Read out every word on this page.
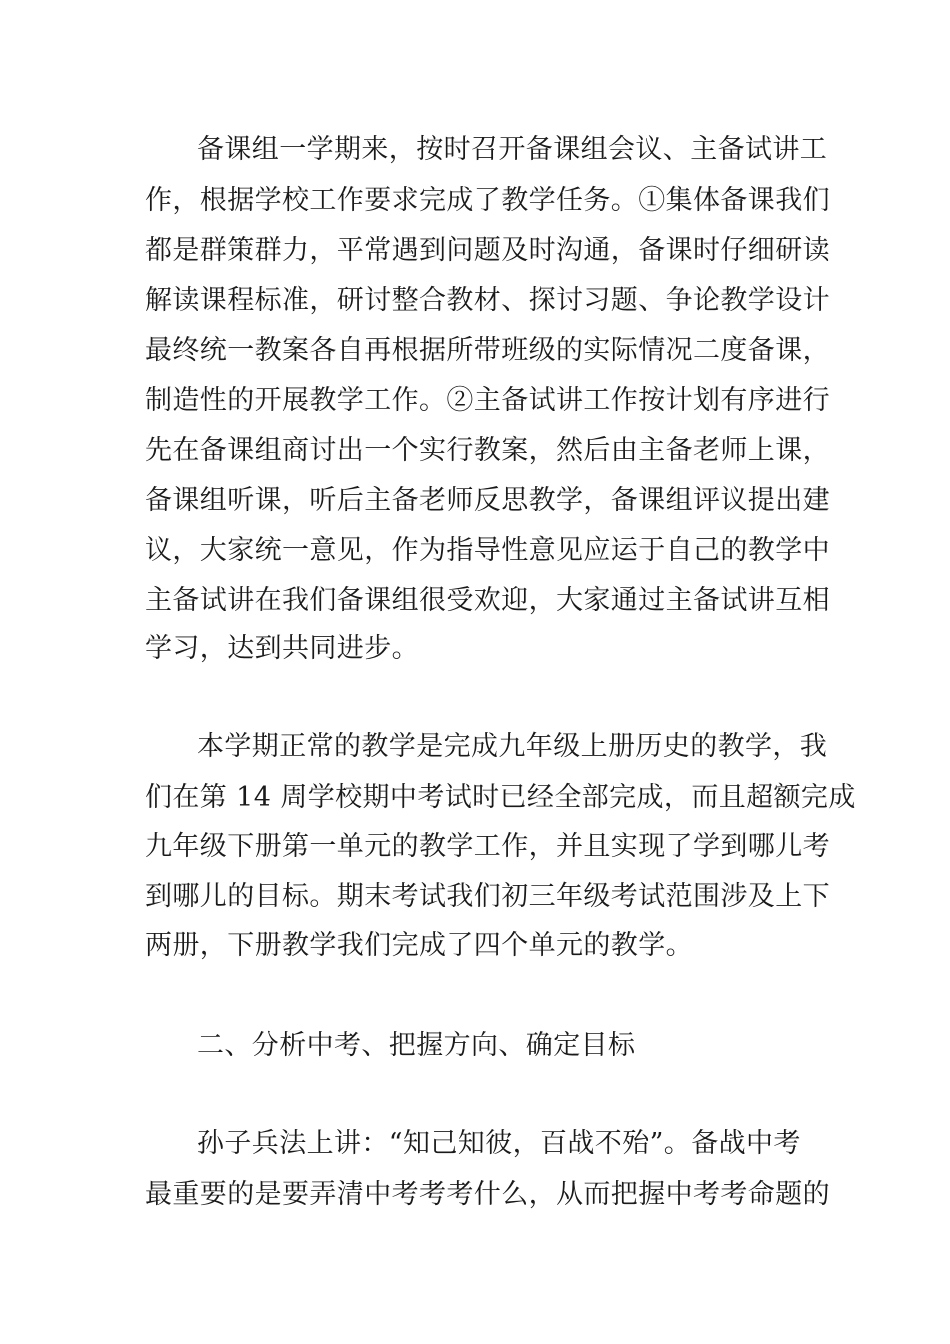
备课组一学期来，按时召开备课组会议、主备试讲工
作，根据学校工作要求完成了教学任务。①集体备课我们
都是群策群力，平常遇到问题及时沟通，备课时仔细研读
解读课程标准，研讨整合教材、探讨习题、争论教学设计
最终统一教案各自再根据所带班级的实际情况二度备课，
制造性的开展教学工作。②主备试讲工作按计划有序进行
先在备课组商讨出一个实行教案，然后由主备老师上课，
备课组听课，听后主备老师反思教学，备课组评议提出建
议，大家统一意见，作为指导性意见应运于自己的教学中
主备试讲在我们备课组很受欢迎，大家通过主备试讲互相
学习，达到共同进步。
本学期正常的教学是完成九年级上册历史的教学，我
们在第 14 周学校期中考试时已经全部完成，而且超额完成
九年级下册第一单元的教学工作，并且实现了学到哪儿考
到哪儿的目标。期末考试我们初三年级考试范围涉及上下
两册，下册教学我们完成了四个单元的教学。
二、分析中考、把握方向、确定目标
孙子兵法上讲：“知己知彼，百战不殆”。备战中考
最重要的是要弄清中考考考什么，从而把握中考考命题的
